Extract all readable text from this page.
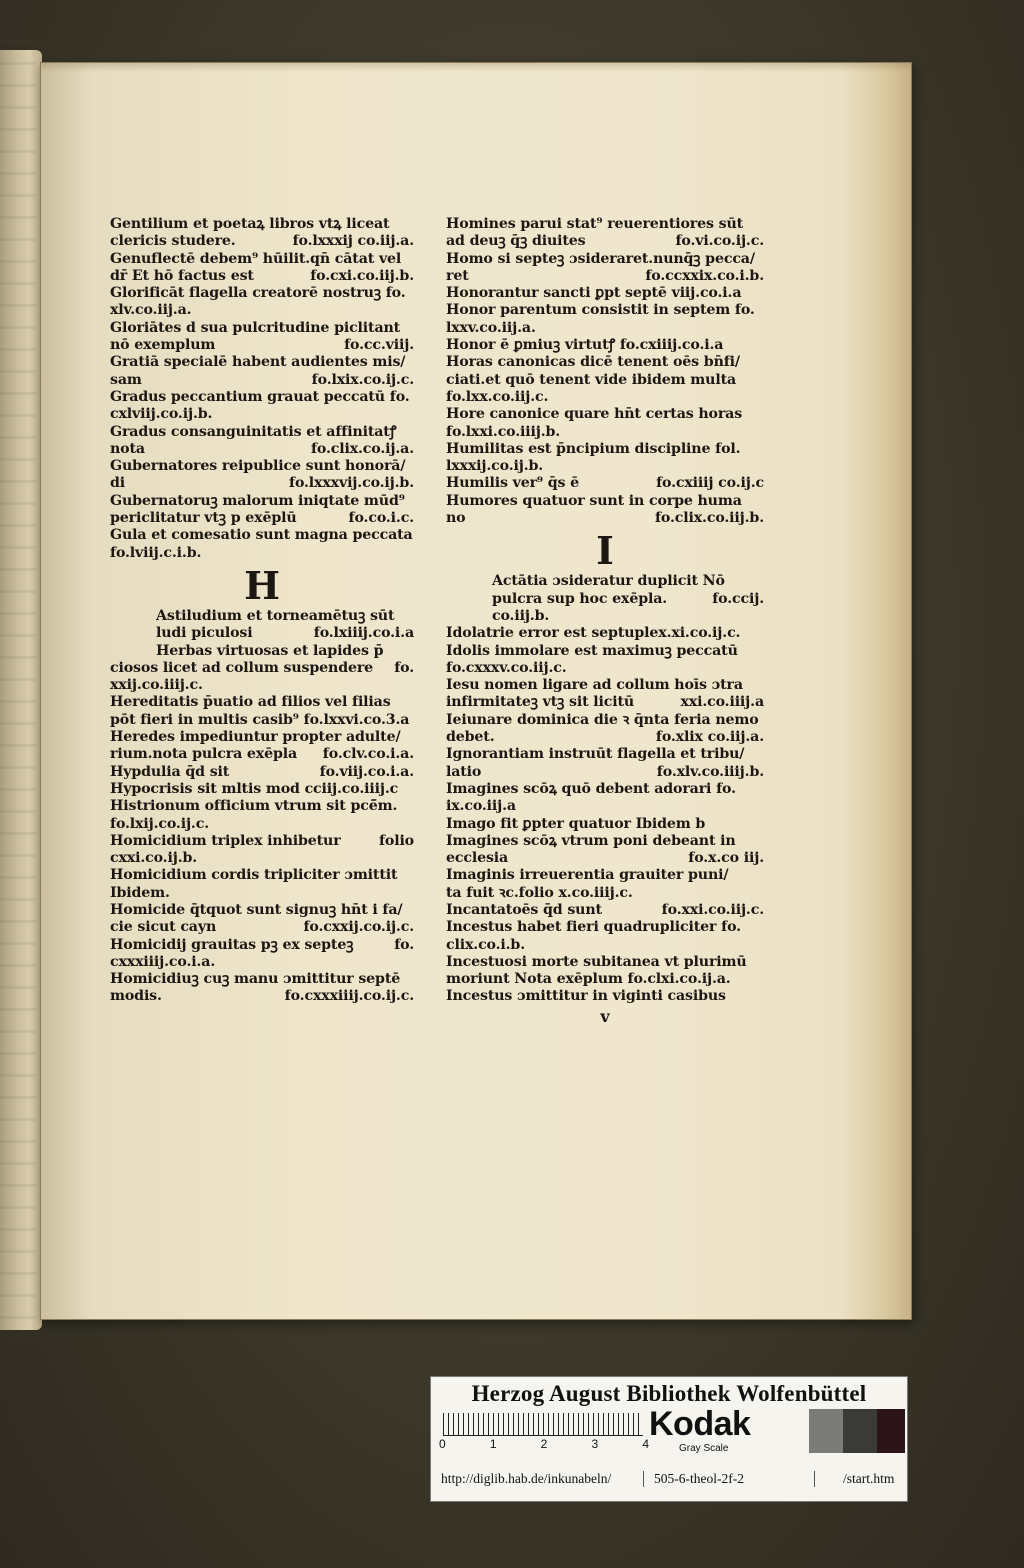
Gentilium et poetaꝝ libros vtꝝ liceat
clericis studere.	fo.lxxxij co.iij.a.
Genuflectē debem⁹ hūilit̄.qn̄ cātat̄ vel
dr̄ Et hō factus est	fo.cxi.co.iij.b.
Glorificāt flagella creatorē nostruꝫ fo.
xlv.co.iij.a.
Gloriātes d̄ sua pulcritudine piclitant̄
nō exemplum	fo.cc.viij.
Gratiā specialē habent audientes mis/
sam	fo.lxix.co.ij.c.
Gradus peccantium grauat peccatū fo.
cxlviij.co.ij.b.
Gradus consanguinitatis et affinitatꝭ
nota	fo.clix.co.ij.a.
Gubernatores reipublice sunt honorā/
di	fo.lxxxvij.co.ij.b.
Gubernatoruꝫ malorum iniqtate mūd⁹
periclitatur vtꝫ p exēplū	fo.co.i.c.
Gula et comesatio sunt magna peccata
fo.lviij.c.i.b.
H
Astiludium et torneamētuꝫ sūt
ludi piculosi	fo.lxiiij.co.i.a
Herbas virtuosas et lapides p̄
ciosos licet ad collum suspendere fo.
xxij.co.iiij.c.
Hereditatis p̄uatio ad filios vel filias
pōt fieri in multis casib⁹ fo.lxxvi.co.3.a
Heredes impediuntur propter adulte/
rium.nota pulcra exēpla fo.clv.co.i.a.
Hypdulia q̄d sit	fo.viij.co.i.a.
Hypocrisis sit mltis mod̄ cciij.co.iiij.c
Histrionum officium vtrum sit pcē̄m.
fo.lxij.co.ij.c.
Homicidium triplex inhibetur	folio
cxxi.co.ij.b.
Homicidium cordis tripliciter ɔmittit̄
Ibidem.
Homicide q̄tquot sunt signuꝫ hn̄t i fa/
cie sicut cayn	fo.cxxij.co.ij.c.
Homicidij grauitas pꝫ ex septeꝫ	fo.
cxxxiiij.co.i.a.
Homicidiuꝫ cuꝫ manu ɔmittitur septē
modis.	fo.cxxxiiij.co.ij.c.
Homines parui stat⁹ reuerentiores sūt
ad deuꝫ q̄ꝫ diuites	fo.vi.co.ij.c.
Homo si septeꝫ ɔsideraret.nunq̄ꝫ pecca/
ret	fo.ccxxix.co.i.b.
Honorantur sancti ꝑpt̄ septē viij.co.i.a
Honor parentum consistit in septem fo.
lxxv.co.iij.a.
Honor ē ꝑmiuꝫ virtutꝭ fo.cxiiij.co.i.a
Horas canonicas dicē tenent̄ oēs bn̄fi/
ciati.et quō tenent̄ vide ibidem multa
fo.lxx.co.iij.c.
Hore canonice quare hn̄t certas horas
fo.lxxi.co.iiij.b.
Humilitas est p̄ncipium discipline fol.
lxxxij.co.ij.b.
Humilis ver⁹ q̄s ē	fo.cxiiij co.ij.c
Humores quatuor sunt in corpe huma
no	fo.clix.co.iij.b.
I
Actātia ɔsideratur duplicit̄ Nō
pulcra sup hoc exēpla.	fo.ccij.
co.iij.b.
Idolatrie error est septuplex.xi.co.ij.c.
Idolis immolare est maximuꝫ peccatū
fo.cxxxv.co.iij.c.
Iesu nomen ligare ad collum hoīs ɔtra
infirmitateꝫ vtꝫ sit licitū	xxi.co.iiij.a
Ieiunare dominica die ꝛ q̄nta feria nemo
debet.	fo.xlix co.iij.a.
Ignorantiam instruūt flagella et tribu/
latio	fo.xlv.co.iiij.b.
Imagines scōꝝ quō debent adorari fo.
ix.co.iij.a
Imago fit ꝑpter quatuor Ibidem b
Imagines scōꝝ vtrum poni debeant in
ecclesia	fo.x.co iij.
Imaginis irreuerentia grauiter puni/
ta fuit ꝛc.folio x.co.iiij.c.
Incantatoēs q̄d sunt	fo.xxi.co.iij.c.
Incestus habet fieri quadrupliciter fo.
clix.co.i.b.
Incestuosi morte subitanea vt plurimū
moriunt̄ Nota exēplum fo.clxi.co.ij.a.
Incestus ɔmittitur in viginti casibus
v
Herzog August Bibliothek Wolfenbüttel
0	1	2	3	4
Kodak
Gray Scale
http://diglib.hab.de/inkunabeln/	505-6-theol-2f-2	/start.htm
